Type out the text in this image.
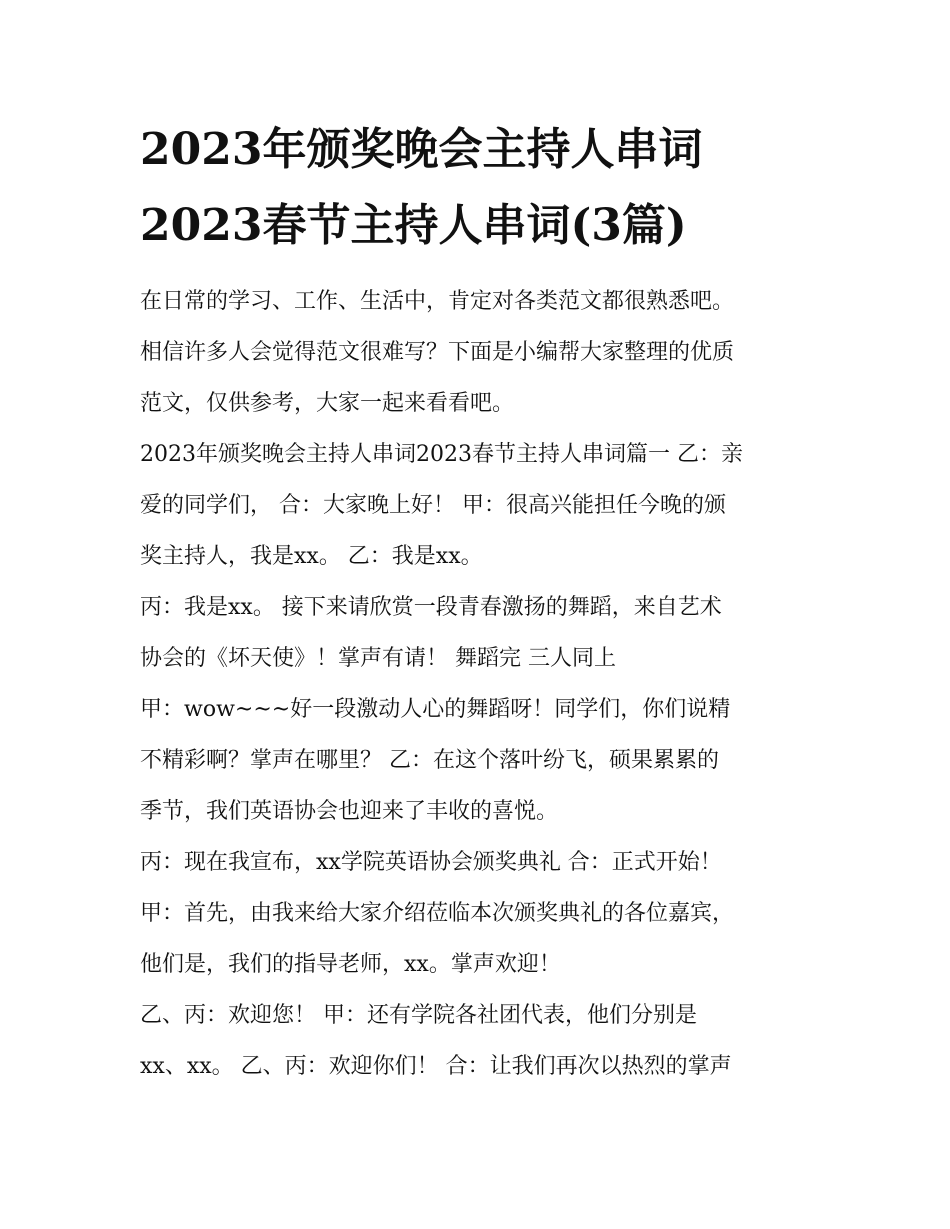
2023年颁奖晚会主持人串词
2023春节主持人串词(3篇)
在日常的学习、工作、生活中，肯定对各类范文都很熟悉吧。
相信许多人会觉得范文很难写？下面是小编帮大家整理的优质
范文，仅供参考，大家一起来看看吧。
2023年颁奖晚会主持人串词2023春节主持人串词篇一 乙：亲
爱的同学们， 合：大家晚上好！ 甲：很高兴能担任今晚的颁
奖主持人，我是xx。 乙：我是xx。
丙：我是xx。 接下来请欣赏一段青春激扬的舞蹈，来自艺术
协会的《坏天使》！掌声有请！ 舞蹈完 三人同上
甲：wow~~~好一段激动人心的舞蹈呀！同学们，你们说精
不精彩啊？掌声在哪里？ 乙：在这个落叶纷飞，硕果累累的
季节，我们英语协会也迎来了丰收的喜悦。
丙：现在我宣布，xx学院英语协会颁奖典礼 合：正式开始！
甲：首先，由我来给大家介绍莅临本次颁奖典礼的各位嘉宾，
他们是，我们的指导老师，xx。掌声欢迎！
乙、丙：欢迎您！ 甲：还有学院各社团代表，他们分别是
xx、xx。 乙、丙：欢迎你们！ 合：让我们再次以热烈的掌声
